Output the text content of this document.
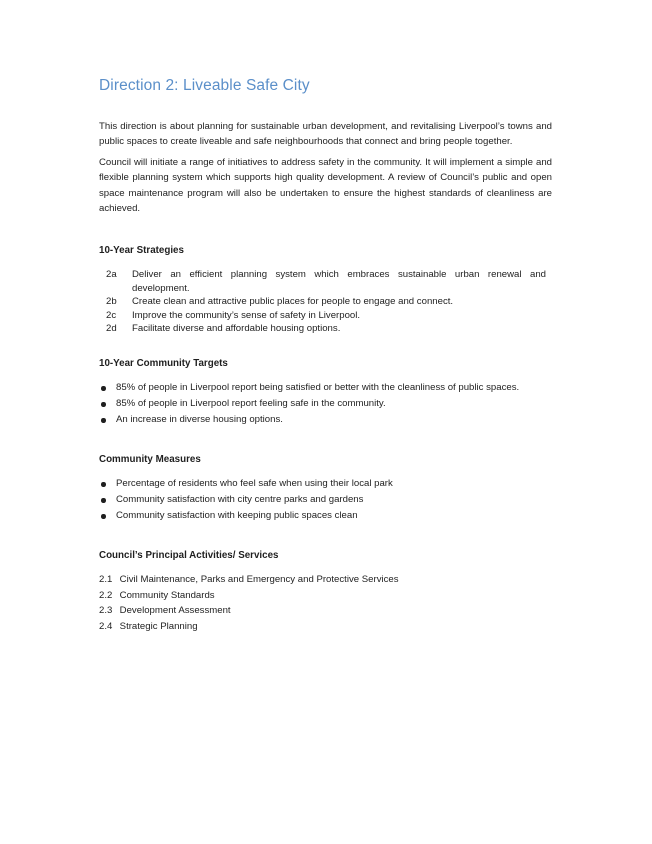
Direction 2: Liveable Safe City

This direction is about planning for sustainable urban development, and revitalising Liverpool’s towns and public spaces to create liveable and safe neighbourhoods that connect and bring people together.

Council will initiate a range of initiatives to address safety in the community. It will implement a simple and flexible planning system which supports high quality development. A review of Council’s public and open space maintenance program will also be undertaken to ensure the highest standards of cleanliness are achieved.

10-Year Strategies
2a	Deliver an efficient planning system which embraces sustainable urban renewal and development.
2b	Create clean and attractive public places for people to engage and connect.
2c	Improve the community’s sense of safety in Liverpool.
2d	Facilitate diverse and affordable housing options.
10-Year Community Targets
85% of people in Liverpool report being satisfied or better with the cleanliness of public spaces.
85% of people in Liverpool report feeling safe in the community.
An increase in diverse housing options.
Community Measures
Percentage of residents who feel safe when using their local park
Community satisfaction with city centre parks and gardens
Community satisfaction with keeping public spaces clean
Council’s Principal Activities/ Services
2.1 Civil Maintenance, Parks and Emergency and Protective Services
2.2 Community Standards
2.3 Development Assessment
2.4 Strategic Planning
